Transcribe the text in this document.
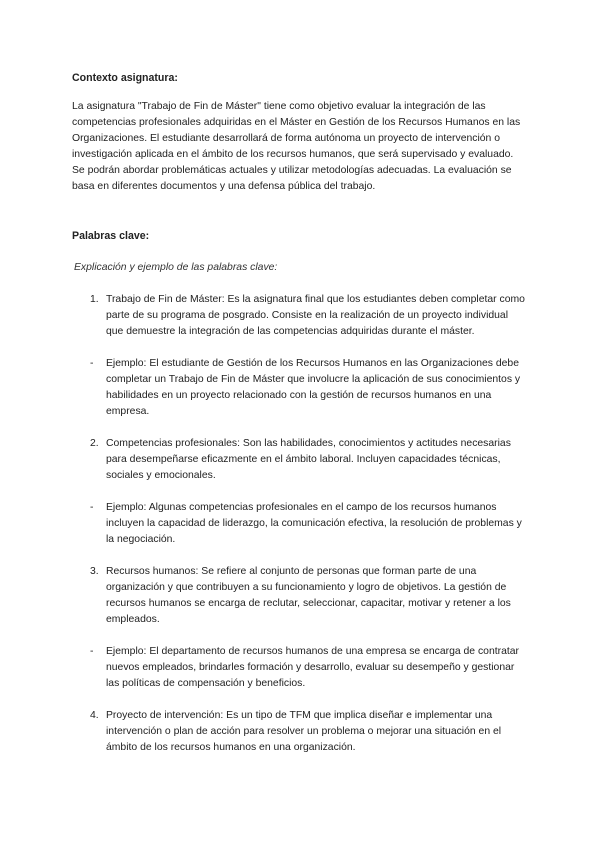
Contexto asignatura:

La asignatura "Trabajo de Fin de Máster" tiene como objetivo evaluar la integración de las competencias profesionales adquiridas en el Máster en Gestión de los Recursos Humanos en las Organizaciones. El estudiante desarrollará de forma autónoma un proyecto de intervención o investigación aplicada en el ámbito de los recursos humanos, que será supervisado y evaluado. Se podrán abordar problemáticas actuales y utilizar metodologías adecuadas. La evaluación se basa en diferentes documentos y una defensa pública del trabajo.

Palabras clave:

Explicación y ejemplo de las palabras clave:

1. Trabajo de Fin de Máster: Es la asignatura final que los estudiantes deben completar como parte de su programa de posgrado. Consiste en la realización de un proyecto individual que demuestre la integración de las competencias adquiridas durante el máster.

- Ejemplo: El estudiante de Gestión de los Recursos Humanos en las Organizaciones debe completar un Trabajo de Fin de Máster que involucre la aplicación de sus conocimientos y habilidades en un proyecto relacionado con la gestión de recursos humanos en una empresa.

2. Competencias profesionales: Son las habilidades, conocimientos y actitudes necesarias para desempeñarse eficazmente en el ámbito laboral. Incluyen capacidades técnicas, sociales y emocionales.

- Ejemplo: Algunas competencias profesionales en el campo de los recursos humanos incluyen la capacidad de liderazgo, la comunicación efectiva, la resolución de problemas y la negociación.

3. Recursos humanos: Se refiere al conjunto de personas que forman parte de una organización y que contribuyen a su funcionamiento y logro de objetivos. La gestión de recursos humanos se encarga de reclutar, seleccionar, capacitar, motivar y retener a los empleados.

- Ejemplo: El departamento de recursos humanos de una empresa se encarga de contratar nuevos empleados, brindarles formación y desarrollo, evaluar su desempeño y gestionar las políticas de compensación y beneficios.

4. Proyecto de intervención: Es un tipo de TFM que implica diseñar e implementar una intervención o plan de acción para resolver un problema o mejorar una situación en el ámbito de los recursos humanos en una organización.
